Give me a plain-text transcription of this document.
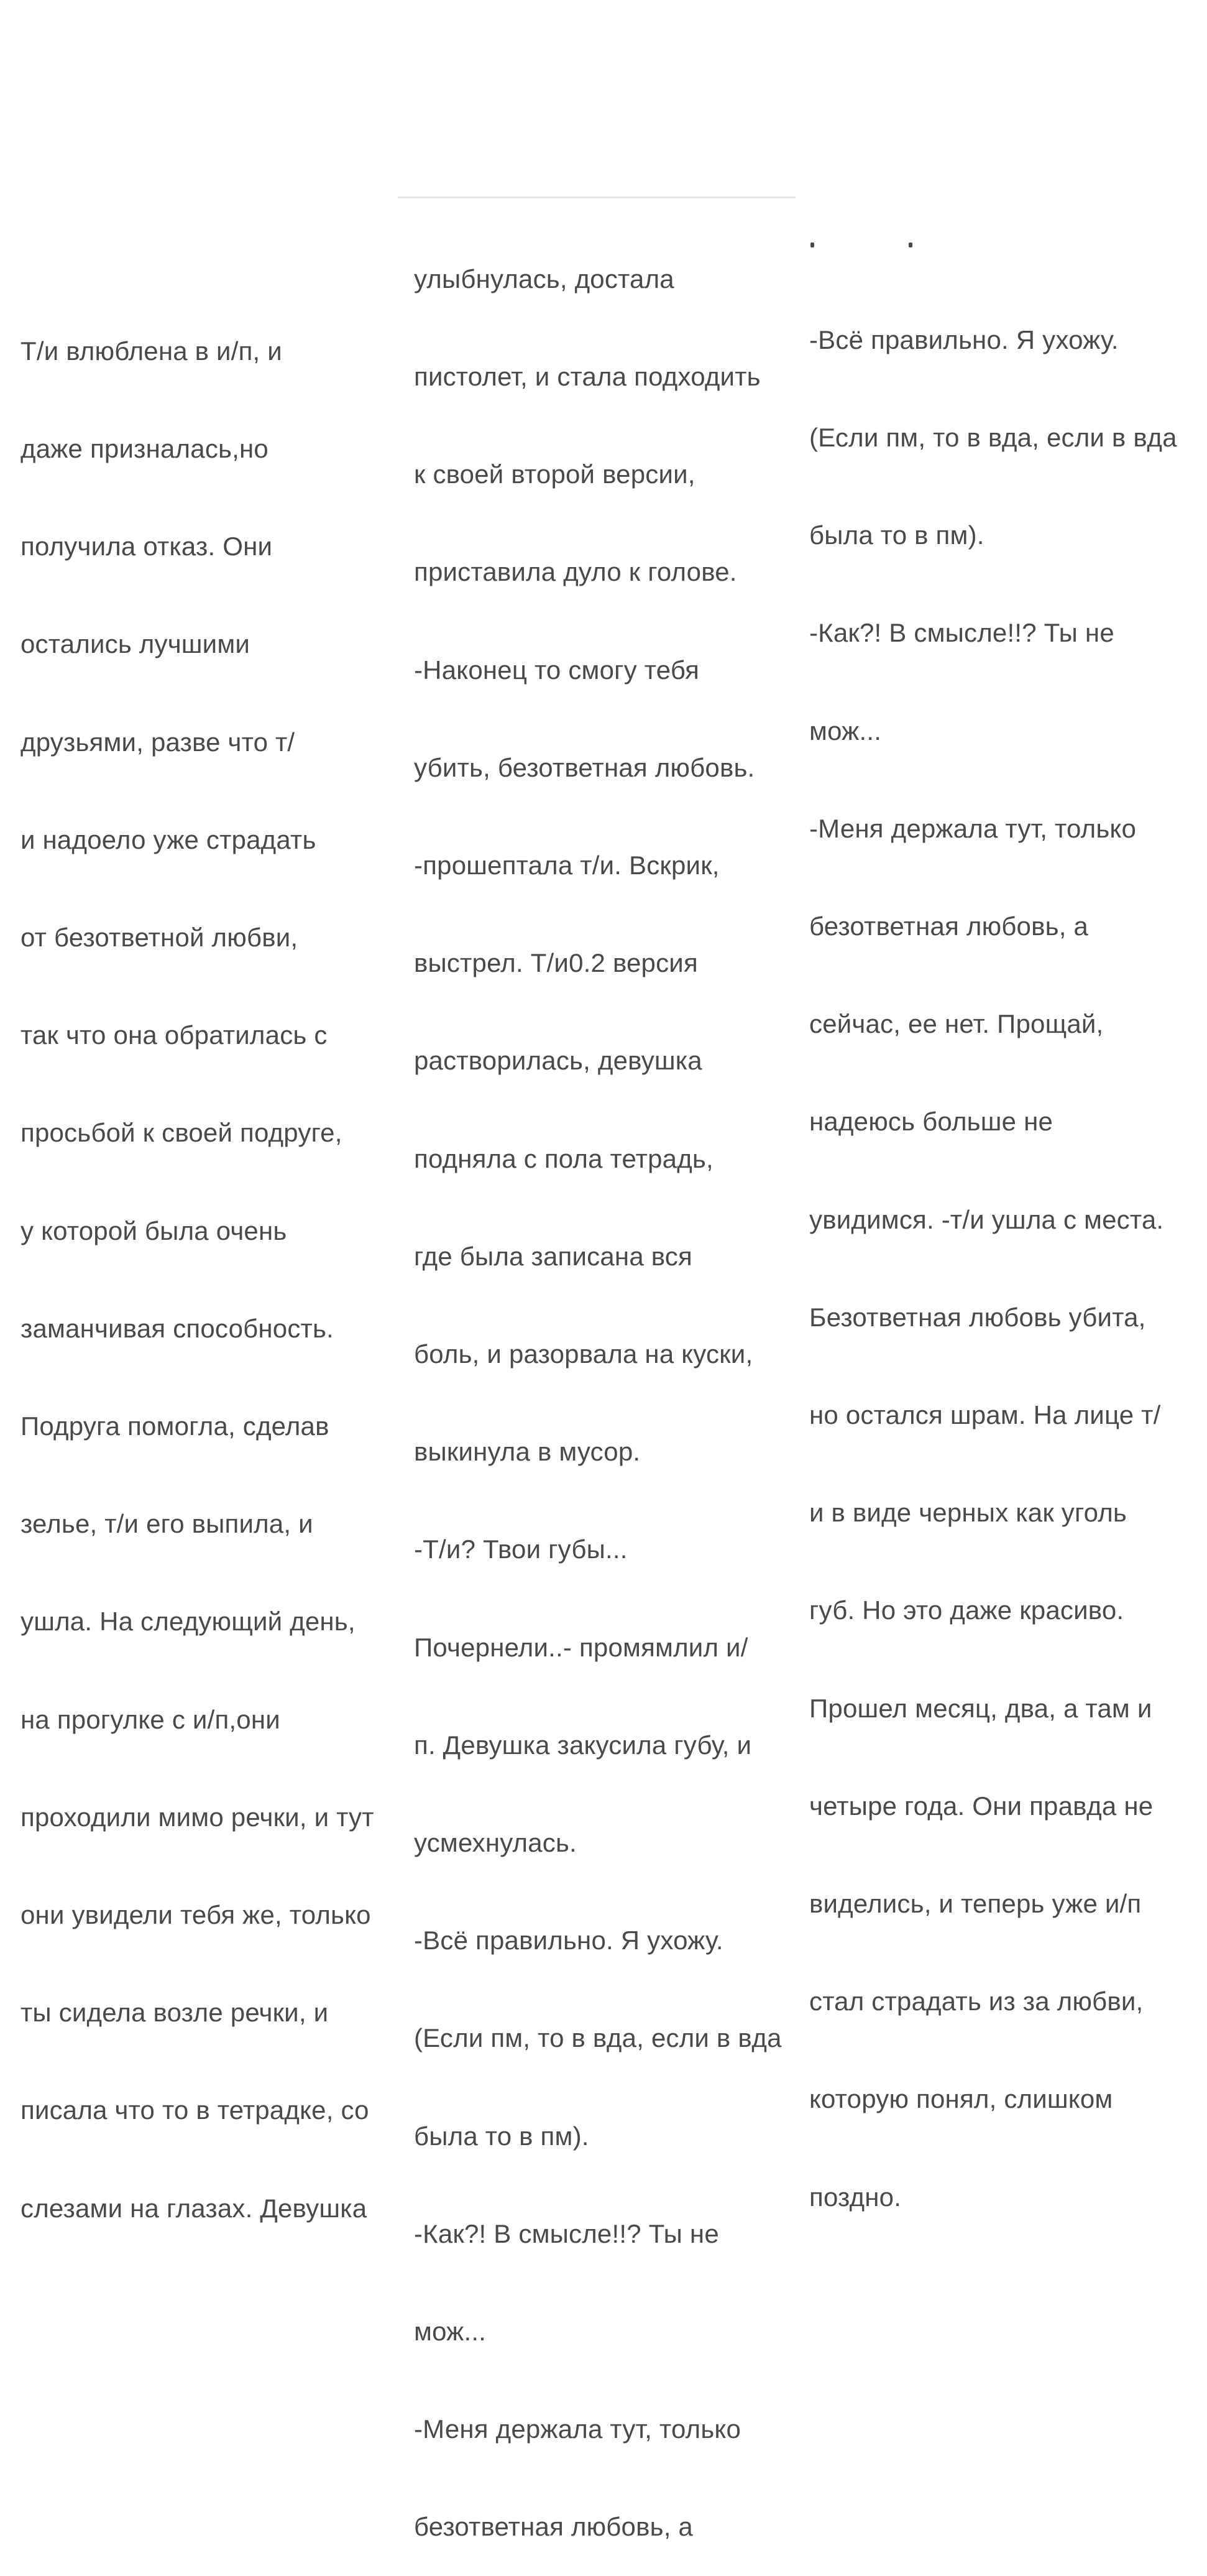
Т/и влюблена в и/п, и

даже призналась,но

получила отказ. Они

остались лучшими

друзьями, разве что т/

и надоело уже страдать

от безответной любви,

так что она обратилась с

просьбой к своей подруге,

у которой была очень

заманчивая способность.

Подруга помогла, сделав

зелье, т/и его выпила, и

ушла. На следующий день,

на прогулке с и/п,они

проходили мимо речки, и тут

они увидели тебя же, только

ты сидела возле речки, и

писала что то в тетрадке, со

слезами на глазах. Девушка

улыбнулась, достала

пистолет, и стала подходить

к своей второй версии,

приставила дуло к голове.

-Наконец то смогу тебя

убить, безответная любовь.

-прошептала т/и. Вскрик,

выстрел. Т/и0.2 версия

растворилась, девушка

подняла с пола тетрадь,

где была записана вся

боль, и разорвала на куски,

выкинула в мусор.

-Т/и? Твои губы...

Почернели..- промямлил и/

п. Девушка закусила губу, и

усмехнулась.

-Всё правильно. Я ухожу.

(Если пм, то в вда, если в вда

была то в пм).

-Как?! В смысле!!? Ты не

мож...

-Меня держала тут, только

безответная любовь, а

-Всё правильно. Я ухожу.

(Если пм, то в вда, если в вда

была то в пм).

-Как?! В смысле!!? Ты не

мож...

-Меня держала тут, только

безответная любовь, а

сейчас, ее нет. Прощай,

надеюсь больше не

увидимся. -т/и ушла с места.

Безответная любовь убита,

но остался шрам. На лице т/

и в виде черных как уголь

губ. Но это даже красиво.

Прошел месяц, два, а там и

четыре года. Они правда не

виделись, и теперь уже и/п

стал страдать из за любви,

которую понял, слишком

поздно.
